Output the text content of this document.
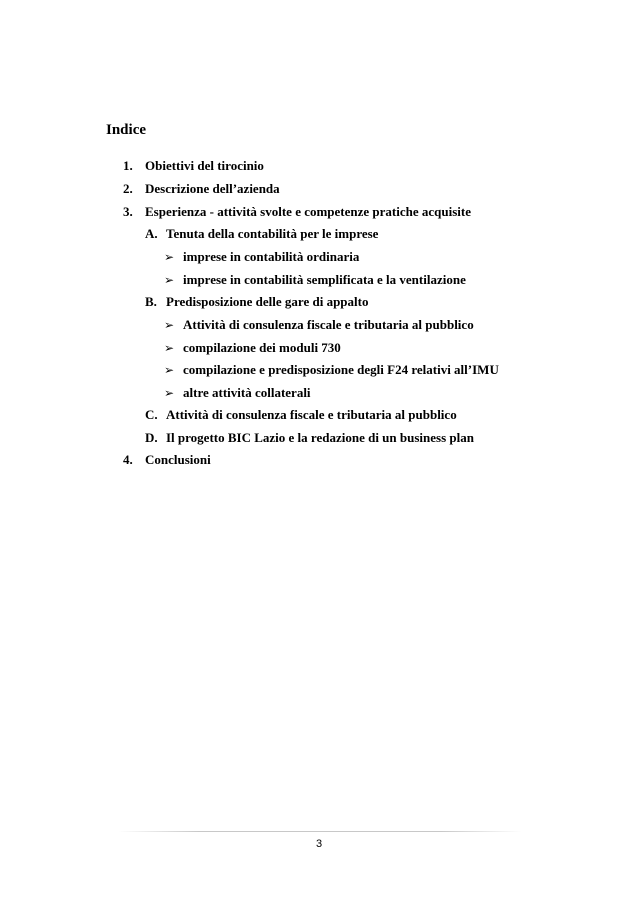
Indice
1. Obiettivi del tirocinio
2. Descrizione dell’azienda
3. Esperienza - attività svolte e competenze pratiche acquisite
A. Tenuta della contabilità per le imprese
➢ imprese in contabilità ordinaria
➢ imprese in contabilità semplificata e la ventilazione
B. Predisposizione delle gare di appalto
➢ Attività di consulenza fiscale e tributaria al pubblico
➢ compilazione dei moduli 730
➢ compilazione e predisposizione degli F24 relativi all’IMU
➢ altre attività collaterali
C. Attività di consulenza fiscale e tributaria al pubblico
D. Il progetto BIC Lazio e la redazione di un business plan
4. Conclusioni
3
